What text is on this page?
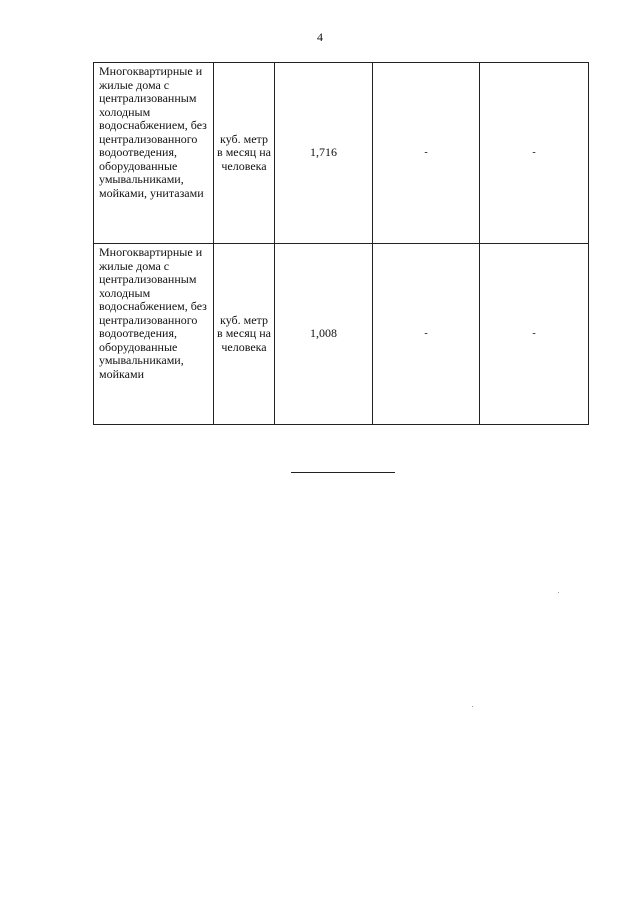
4
Многоквартирные и жилые дома с централизованным холодным водоснабжением, без централизованного водоотведения, оборудованные умывальниками, мойками, унитазами	куб. метр в месяц на человека	1,716	-	-
Многоквартирные и жилые дома с централизованным холодным водоснабжением, без централизованного водоотведения, оборудованные умывальниками, мойками	куб. метр в месяц на человека	1,008	-	-
